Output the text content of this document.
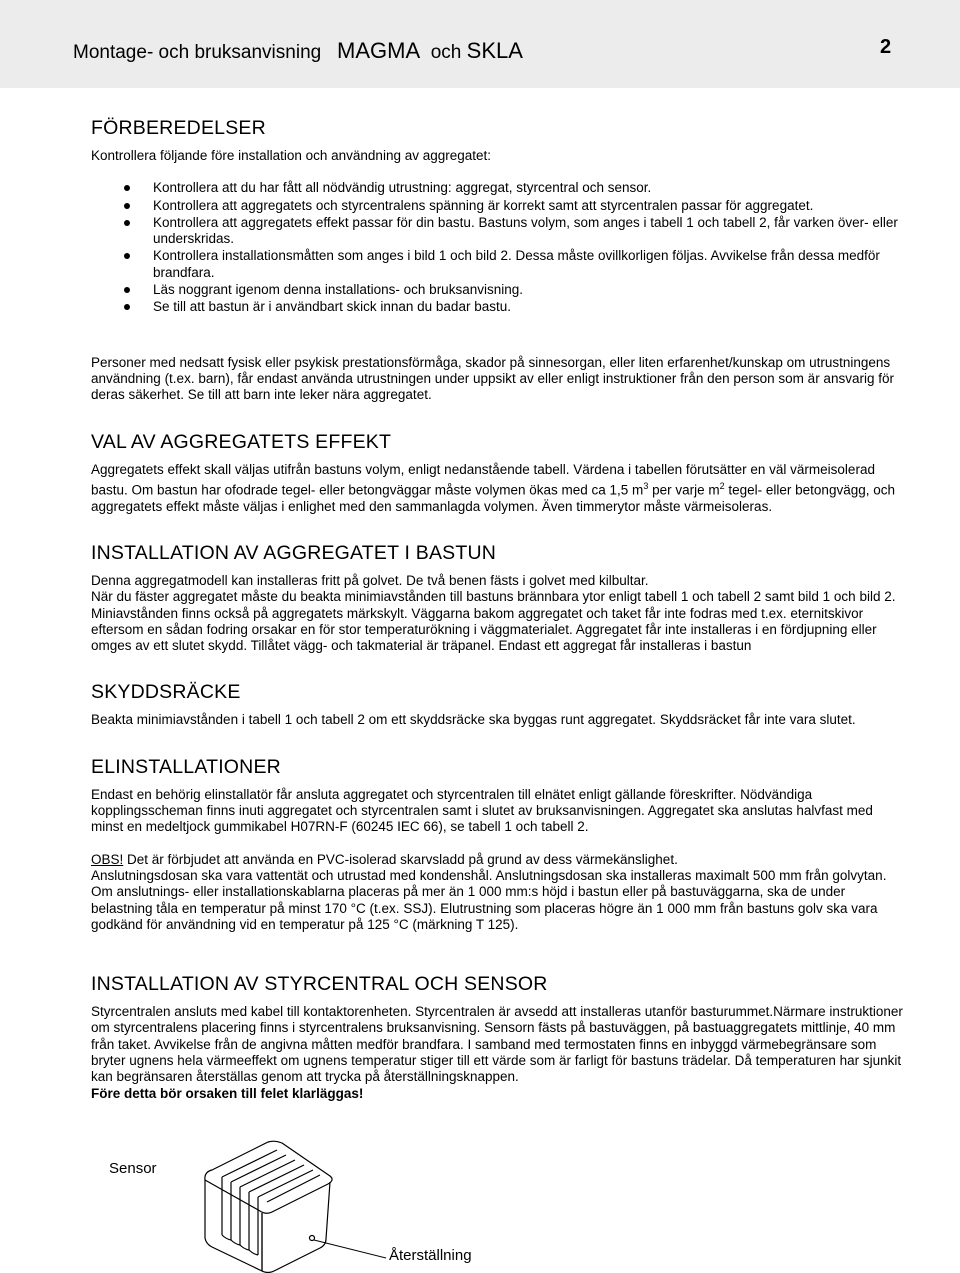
Montage- och bruksanvisning MAGMA och SKLA	2
FÖRBEREDELSER

Kontrollera följande före installation och användning av aggregatet:

Kontrollera att du har fått all nödvändig utrustning: aggregat, styrcentral och sensor.
Kontrollera att aggregatets och styrcentralens spänning är korrekt samt att styrcentralen passar för aggregatet.
Kontrollera att aggregatets effekt passar för din bastu. Bastuns volym, som anges i tabell 1 och tabell 2, får varken över- eller underskridas.
Kontrollera installationsmåtten som anges i bild 1 och bild 2. Dessa måste ovillkorligen följas. Avvikelse från dessa medför brandfara.
Läs noggrant igenom denna installations- och bruksanvisning.
Se till att bastun är i användbart skick innan du badar bastu.

Personer med nedsatt fysisk eller psykisk prestationsförmåga, skador på sinnesorgan, eller liten erfarenhet/kunskap om utrustningens användning (t.ex. barn), får endast använda utrustningen under uppsikt av eller enligt instruktioner från den person som är ansvarig för deras säkerhet. Se till att barn inte leker nära aggregatet.

VAL AV AGGREGATETS EFFEKT

Aggregatets effekt skall väljas utifrån bastuns volym, enligt nedanstående tabell. Värdena i tabellen förutsätter en väl värmeisolerad bastu. Om bastun har ofodrade tegel- eller betongväggar måste volymen ökas med ca 1,5 $m^3$ per varje $m^2$ tegel- eller betongvägg, och aggregatets effekt måste väljas i enlighet med den sammanlagda volymen. Även timmerytor måste värmeisoleras.

INSTALLATION AV AGGREGATET I BASTUN

Denna aggregatmodell kan installeras fritt på golvet. De två benen fästs i golvet med kilbultar.

När du fäster aggregatet måste du beakta minimiavstånden till bastuns brännbara ytor enligt tabell 1 och tabell 2 samt bild 1 och bild 2. Miniavstånden finns också på aggregatets märkskylt. Väggarna bakom aggregatet och taket får inte fodras med t.ex. eternitskivor eftersom en sådan fodring orsakar en för stor temperaturökning i väggmaterialet. Aggregatet får inte installeras i en fördjupning eller omges av ett slutet skydd. Tillåtet vägg- och takmaterial är träpanel. Endast ett aggregat får installeras i bastun

SKYDDSRÄCKE

Beakta minimiavstånden i tabell 1 och tabell 2 om ett skyddsräcke ska byggas runt aggregatet. Skyddsräcket får inte vara slutet.

ELINSTALLATIONER

Endast en behörig elinstallatör får ansluta aggregatet och styrcentralen till elnätet enligt gällande föreskrifter. Nödvändiga kopplingsscheman finns inuti aggregatet och styrcentralen samt i slutet av bruksanvisningen. Aggregatet ska anslutas halvfast med minst en medeltjock gummikabel H07RN-F (60245 IEC 66), se tabell 1 och tabell 2.

OBS! Det är förbjudet att använda en PVC-isolerad skarvsladd på grund av dess värmekänslighet.

Anslutningsdosan ska vara vattentät och utrustad med kondenshål. Anslutningsdosan ska installeras maximalt 500 mm från golvytan. Om anslutnings- eller installationskablarna placeras på mer än 1 000 mm:s höjd i bastun eller på bastuväggarna, ska de under belastning tåla en temperatur på minst 170 °C (t.ex. SSJ). Elutrustning som placeras högre än 1 000 mm från bastuns golv ska vara godkänd för användning vid en temperatur på 125 °C (märkning T 125).

INSTALLATION AV STYRCENTRAL OCH SENSOR

Styrcentralen ansluts med kabel till kontaktorenheten. Styrcentralen är avsedd att installeras utanför basturummet.Närmare instruktioner om styrcentralens placering finns i styrcentralens bruksanvisning. Sensorn fästs på bastuväggen, på bastuaggregatets mittlinje, 40 mm från taket. Avvikelse från de angivna måtten medför brandfara. I samband med termostaten finns en inbyggd värmebegränsare som bryter ugnens hela värmeeffekt om ugnens temperatur stiger till ett värde som är farligt för bastuns trädelar. Då temperaturen har sjunkit kan begränsaren återställas genom att trycka på återställningsknappen.

Före detta bör orsaken till felet klarläggas!

Sensor
Återställning
